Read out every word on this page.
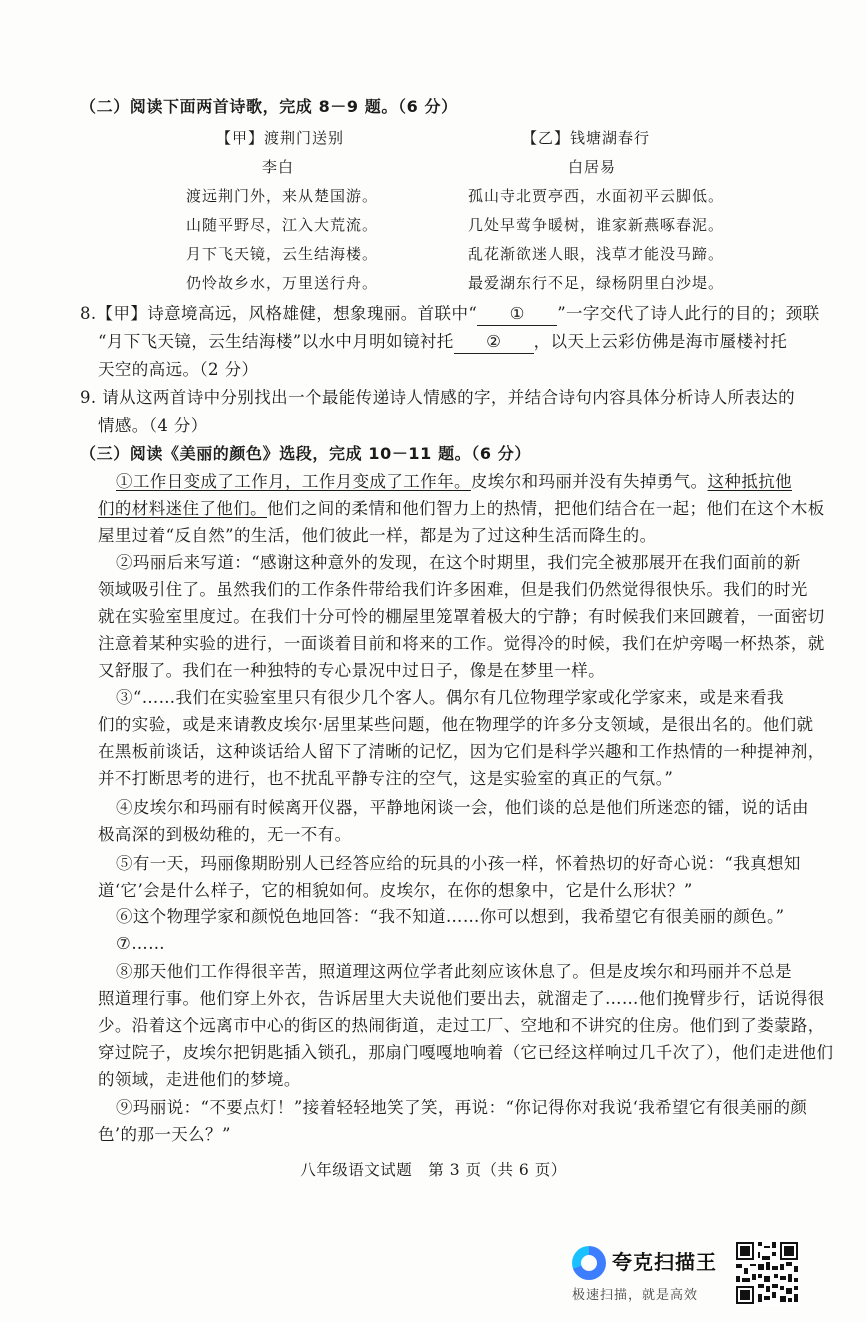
（二）阅读下面两首诗歌，完成 8－9 题。（6 分）
【甲】渡荆门送别
李白
渡远荆门外，来从楚国游。
山随平野尽，江入大荒流。
月下飞天镜，云生结海楼。
仍怜故乡水，万里送行舟。
【乙】钱塘湖春行
白居易
孤山寺北贾亭西，水面初平云脚低。
几处早莺争暖树，谁家新燕啄春泥。
乱花渐欲迷人眼，浅草才能没马蹄。
最爱湖东行不足，绿杨阴里白沙堤。
8.【甲】诗意境高远，风格雄健，想象瑰丽。首联中“ ① ”一字交代了诗人此行的目的；颈联
“月下飞天镜，云生结海楼”以水中月明如镜衬托 ② ，以天上云彩仿佛是海市蜃楼衬托
天空的高远。（2 分）
9. 请从这两首诗中分别找出一个最能传递诗人情感的字，并结合诗句内容具体分析诗人所表达的
情感。（4 分）
（三）阅读《美丽的颜色》选段，完成 10－11 题。（6 分）
①工作日变成了工作月，工作月变成了工作年。皮埃尔和玛丽并没有失掉勇气。这种抵抗他
们的材料迷住了他们。他们之间的柔情和他们智力上的热情，把他们结合在一起；他们在这个木板
屋里过着“反自然”的生活，他们彼此一样，都是为了过这种生活而降生的。
②玛丽后来写道：“感谢这种意外的发现，在这个时期里，我们完全被那展开在我们面前的新
领域吸引住了。虽然我们的工作条件带给我们许多困难，但是我们仍然觉得很快乐。我们的时光
就在实验室里度过。在我们十分可怜的棚屋里笼罩着极大的宁静；有时候我们来回踱着，一面密切
注意着某种实验的进行，一面谈着目前和将来的工作。觉得冷的时候，我们在炉旁喝一杯热茶，就
又舒服了。我们在一种独特的专心景况中过日子，像是在梦里一样。
③“……我们在实验室里只有很少几个客人。偶尔有几位物理学家或化学家来，或是来看我
们的实验，或是来请教皮埃尔·居里某些问题，他在物理学的许多分支领域，是很出名的。他们就
在黑板前谈话，这种谈话给人留下了清晰的记忆，因为它们是科学兴趣和工作热情的一种提神剂，
并不打断思考的进行，也不扰乱平静专注的空气，这是实验室的真正的气氛。”
④皮埃尔和玛丽有时候离开仪器，平静地闲谈一会，他们谈的总是他们所迷恋的镭，说的话由
极高深的到极幼稚的，无一不有。
⑤有一天，玛丽像期盼别人已经答应给的玩具的小孩一样，怀着热切的好奇心说：“我真想知
道‘它’会是什么样子，它的相貌如何。皮埃尔，在你的想象中，它是什么形状？”
⑥这个物理学家和颜悦色地回答：“我不知道……你可以想到，我希望它有很美丽的颜色。”
⑦……
⑧那天他们工作得很辛苦，照道理这两位学者此刻应该休息了。但是皮埃尔和玛丽并不总是
照道理行事。他们穿上外衣，告诉居里大夫说他们要出去，就溜走了……他们挽臂步行，话说得很
少。沿着这个远离市中心的街区的热闹街道，走过工厂、空地和不讲究的住房。他们到了娄蒙路，
穿过院子，皮埃尔把钥匙插入锁孔，那扇门嘎嘎地响着（它已经这样响过几千次了），他们走进他们
的领域，走进他们的梦境。
⑨玛丽说：“不要点灯！”接着轻轻地笑了笑，再说：“你记得你对我说‘我希望它有很美丽的颜
色’的那一天么？”
八年级语文试题　第 3 页（共 6 页）
夸克扫描王
极速扫描，就是高效
